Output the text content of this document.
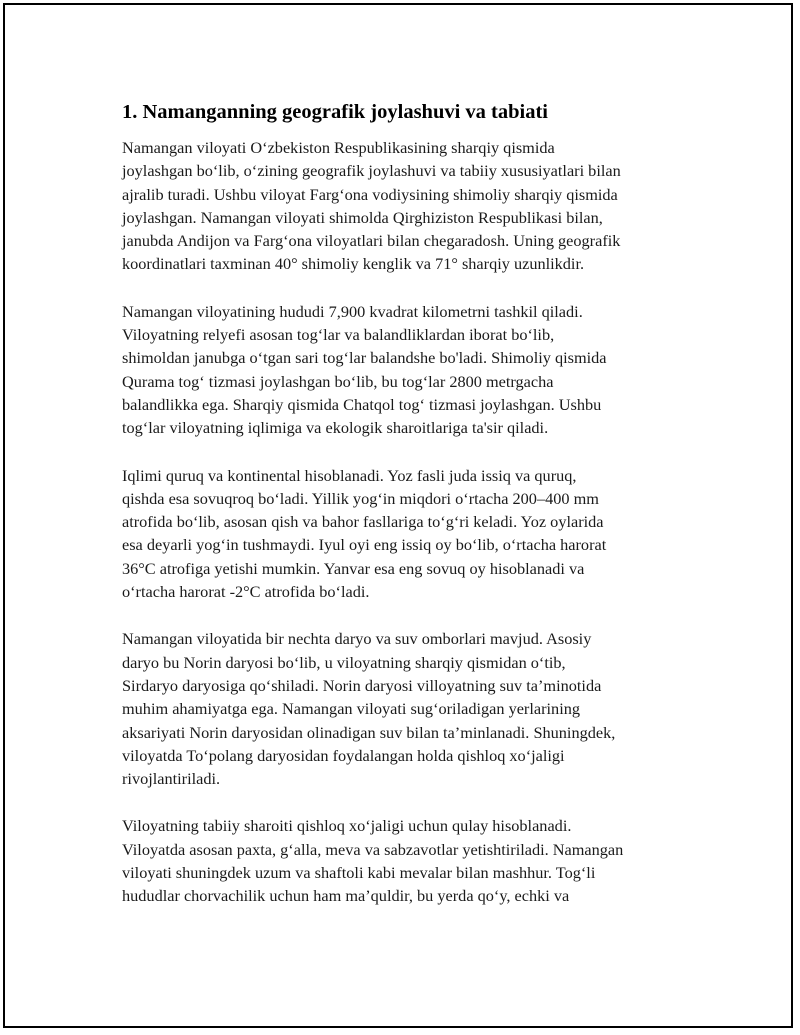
1. Namanganning geografik joylashuvi va tabiati

Namangan viloyati O‘zbekiston Respublikasining sharqiy qismida
joylashgan bo‘lib, o‘zining geografik joylashuvi va tabiiy xususiyatlari bilan
ajralib turadi. Ushbu viloyat Farg‘ona vodiysining shimoliy sharqiy qismida
joylashgan. Namangan viloyati shimolda Qirghiziston Respublikasi bilan,
janubda Andijon va Farg‘ona viloyatlari bilan chegaradosh. Uning geografik
koordinatlari taxminan 40° shimoliy kenglik va 71° sharqiy uzunlikdir.

Namangan viloyatining hududi 7,900 kvadrat kilometrni tashkil qiladi.
Viloyatning relyefi asosan tog‘lar va balandliklardan iborat bo‘lib,
shimoldan janubga o‘tgan sari tog‘lar balandshe bo'ladi. Shimoliy qismida
Qurama tog‘ tizmasi joylashgan bo‘lib, bu tog‘lar 2800 metrgacha
balandlikka ega. Sharqiy qismida Chatqol tog‘ tizmasi joylashgan. Ushbu
tog‘lar viloyatning iqlimiga va ekologik sharoitlariga ta'sir qiladi.

Iqlimi quruq va kontinental hisoblanadi. Yoz fasli juda issiq va quruq,
qishda esa sovuqroq bo‘ladi. Yillik yog‘in miqdori o‘rtacha 200–400 mm
atrofida bo‘lib, asosan qish va bahor fasllariga to‘g‘ri keladi. Yoz oylarida
esa deyarli yog‘in tushmaydi. Iyul oyi eng issiq oy bo‘lib, o‘rtacha harorat
36°C atrofiga yetishi mumkin. Yanvar esa eng sovuq oy hisoblanadi va
o‘rtacha harorat -2°C atrofida bo‘ladi.

Namangan viloyatida bir nechta daryo va suv omborlari mavjud. Asosiy
daryo bu Norin daryosi bo‘lib, u viloyatning sharqiy qismidan o‘tib,
Sirdaryo daryosiga qo‘shiladi. Norin daryosi villoyatning suv ta’minotida
muhim ahamiyatga ega. Namangan viloyati sug‘oriladigan yerlarining
aksariyati Norin daryosidan olinadigan suv bilan ta’minlanadi. Shuningdek,
viloyatda To‘polang daryosidan foydalangan holda qishloq xo‘jaligi
rivojlantiriladi.

Viloyatning tabiiy sharoiti qishloq xo‘jaligi uchun qulay hisoblanadi.
Viloyatda asosan paxta, g‘alla, meva va sabzavotlar yetishtiriladi. Namangan
viloyati shuningdek uzum va shaftoli kabi mevalar bilan mashhur. Tog‘li
hududlar chorvachilik uchun ham ma’quldir, bu yerda qo‘y, echki va
